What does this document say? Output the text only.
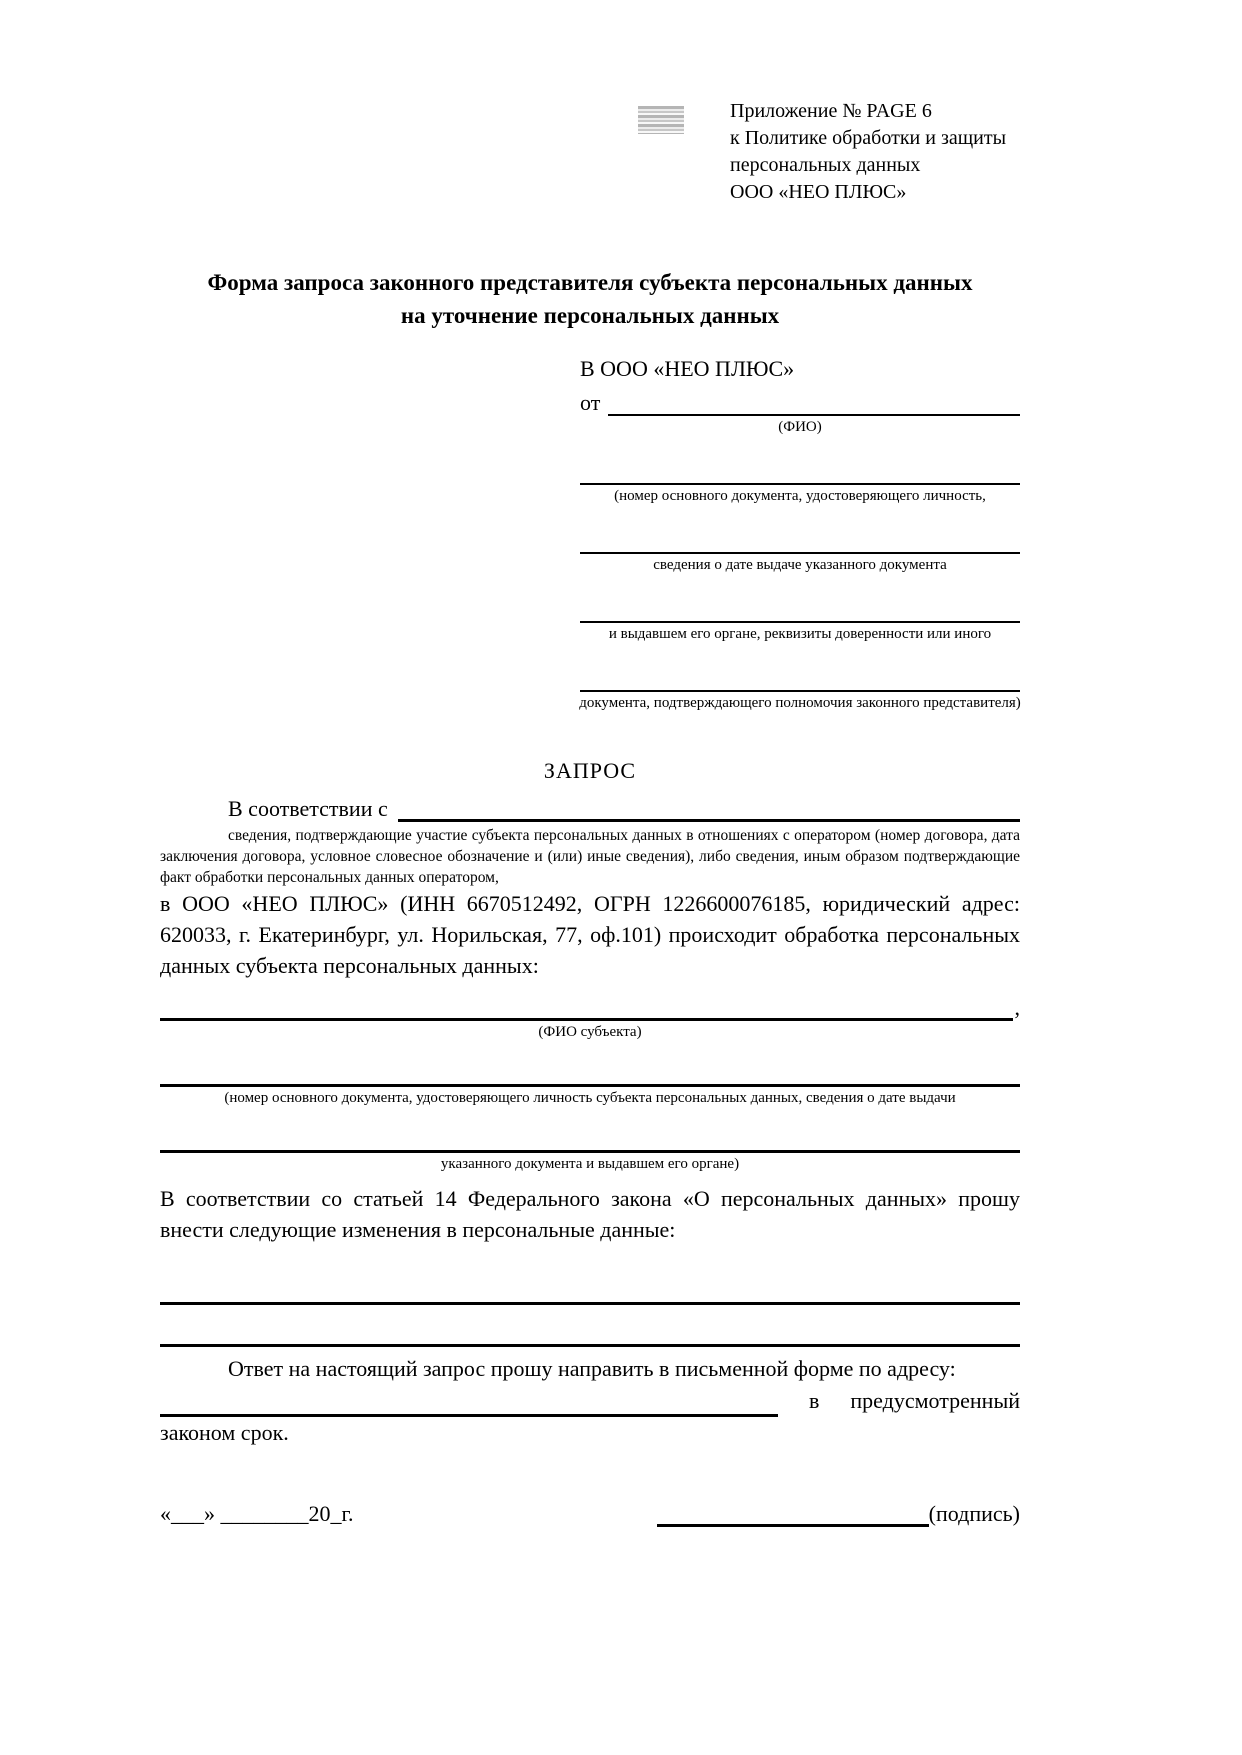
Приложение № PAGE 6
к Политике обработки и защиты
персональных данных
ООО «НЕО ПЛЮС»
Форма запроса законного представителя субъекта персональных данных
на уточнение персональных данных
В ООО «НЕО ПЛЮС»
от
(ФИО)
(номер основного документа, удостоверяющего личность,
сведения о дате выдаче указанного документа
и выдавшем его органе, реквизиты доверенности или иного
документа, подтверждающего полномочия законного представителя)
ЗАПРОС
В соответствии с
сведения, подтверждающие участие субъекта персональных данных в отношениях с оператором (номер договора, дата заключения договора, условное словесное обозначение и (или) иные сведения), либо сведения, иным образом подтверждающие факт обработки персональных данных оператором,
в ООО «НЕО ПЛЮС» (ИНН 6670512492, ОГРН 1226600076185, юридический адрес: 620033, г. Екатеринбург, ул. Норильская, 77, оф.101) происходит обработка персональных данных субъекта персональных данных:
,
(ФИО субъекта)
(номер основного документа, удостоверяющего личность субъекта персональных данных, сведения о дате выдачи
указанного документа и выдавшем его органе)
В соответствии со статьей 14 Федерального закона «О персональных данных» прошу внести следующие изменения в персональные данные:
Ответ на настоящий запрос прошу направить в письменной форме по адресу:
в	предусмотренный
законом срок.
«___» ________20_г.	(подпись)
